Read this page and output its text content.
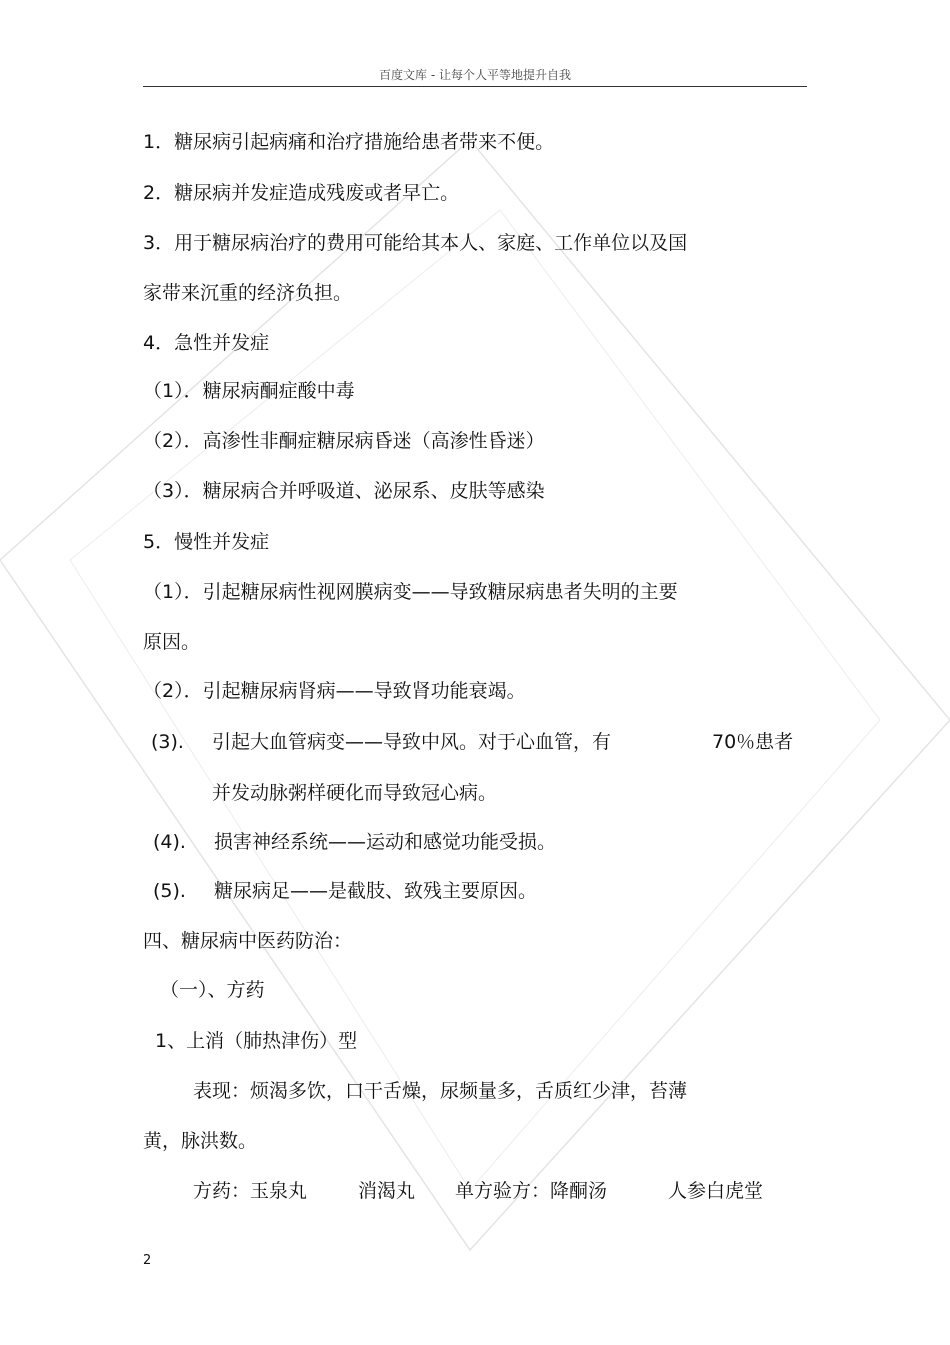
百度文库 - 让每个人平等地提升自我
1．糖尿病引起病痛和治疗措施给患者带来不便。
2．糖尿病并发症造成残废或者早亡。
3．用于糖尿病治疗的费用可能给其本人、家庭、工作单位以及国
家带来沉重的经济负担。
4．急性并发症
（1）．糖尿病酮症酸中毒
（2）．高渗性非酮症糖尿病昏迷（高渗性昏迷）
（3）．糖尿病合并呼吸道、泌尿系、皮肤等感染
5．慢性并发症
（1）．引起糖尿病性视网膜病变——导致糖尿病患者失明的主要
原因。
（2）．引起糖尿病肾病——导致肾功能衰竭。
(3). 引起大血管病变——导致中风。对于心血管，有	70％患者
并发动脉粥样硬化而导致冠心病。
(4). 损害神经系统——运动和感觉功能受损。
(5). 糖尿病足——是截肢、致残主要原因。
四、糖尿病中医药防治：
（一）、方药
1、上消（肺热津伤）型
表现：烦渴多饮，口干舌燥，尿频量多，舌质红少津，苔薄
黄，脉洪数。
方药：玉泉丸	消渴丸 单方验方：降酮汤	人参白虎堂
2
